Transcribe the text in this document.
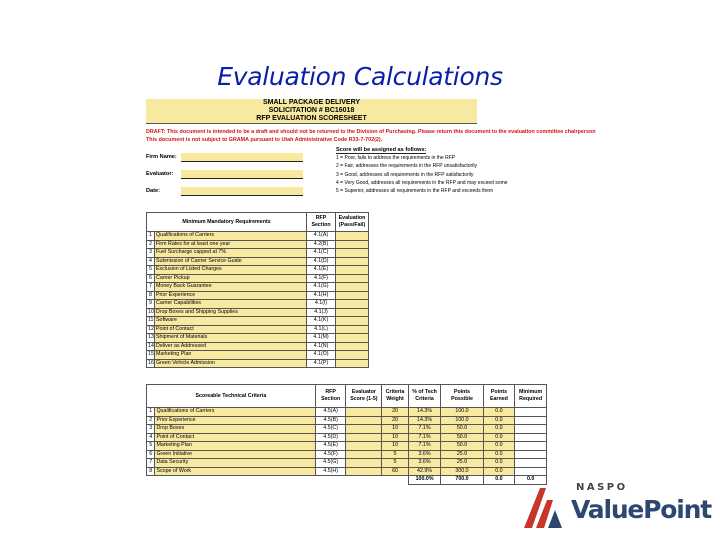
Evaluation Calculations
SMALL PACKAGE DELIVERY
SOLICITATION # BC16018
RFP EVALUATION SCORESHEET
DRAFT: This document is intended to be a draft and should not be returned to the Division of Purchasing. Please return this document to the evaluation committee chairperson
This document is not subject to GRAMA pursuant to Utah Administrative Code R33-7-702(2).
Firm Name:
Evaluator:
Date:
Score will be assigned as follows:
1 = Poor, fails to address the requirements in the RFP
2 = Fair, addresses the requirements in the RFP unsatisfactorily
3 = Good, addresses all requirements in the RFP satisfactorily
4 = Very Good, addresses all requirements in the RFP and may exceed some
5 = Superior, addresses all requirements in the RFP and exceeds them
Minimum Mandatory Requirements		RFP Section	Evaluation (Pass/Fail)
1	Qualifications of Carriers	4.1(A)	
2	Firm Rates for at least one year	4.2(B)	
3	Fuel Surcharge capped at 7%	4.1(C)	
4	Submission of Carrier Service Guide	4.1(D)	
5	Exclusion of Listed Charges	4.1(E)	
6	Carrier Pickup	4.1(F)	
7	Money Back Guarantee	4.1(G)	
8	Prior Experience	4.1(H)	
9	Carrier Capabilities	4.1(I)	
10	Drop Boxes and Shipping Supplies	4.1(J)	
11	Software	4.1(K)	
12	Point of Contact	4.1(L)	
13	Shipment of Materials	4.1(M)	
14	Deliver as Addressed	4.1(N)	
15	Marketing Plan	4.1(O)	
16	Green Vehicle Admission	4.1(P)	
Scoreable Technical Criteria		RFP Section	Evaluator Score (1-5)	Criteria Weight	% of Tech Criteria	Points Possible	Points Earned	Minimum Required
1	Qualifications of Carriers	4.5(A)		20	14.3%	100.0	0.0	
2	Prior Experience	4.5(B)		20	14.3%	100.0	0.0	
3	Drop Boxes	4.5(C)		10	7.1%	50.0	0.0	
4	Point of Contact	4.5(D)		10	7.1%	50.0	0.0	
5	Marketing Plan	4.5(E)		10	7.1%	50.0	0.0	
6	Green Initiative	4.5(F)		5	3.6%	25.0	0.0	
7	Data Security	4.5(G)		5	3.6%	25.0	0.0	
8	Scope of Work	4.5(H)		60	42.9%	300.0	0.0	
					100.0%	700.0	0.0	0.0
NASPO
ValuePoint
